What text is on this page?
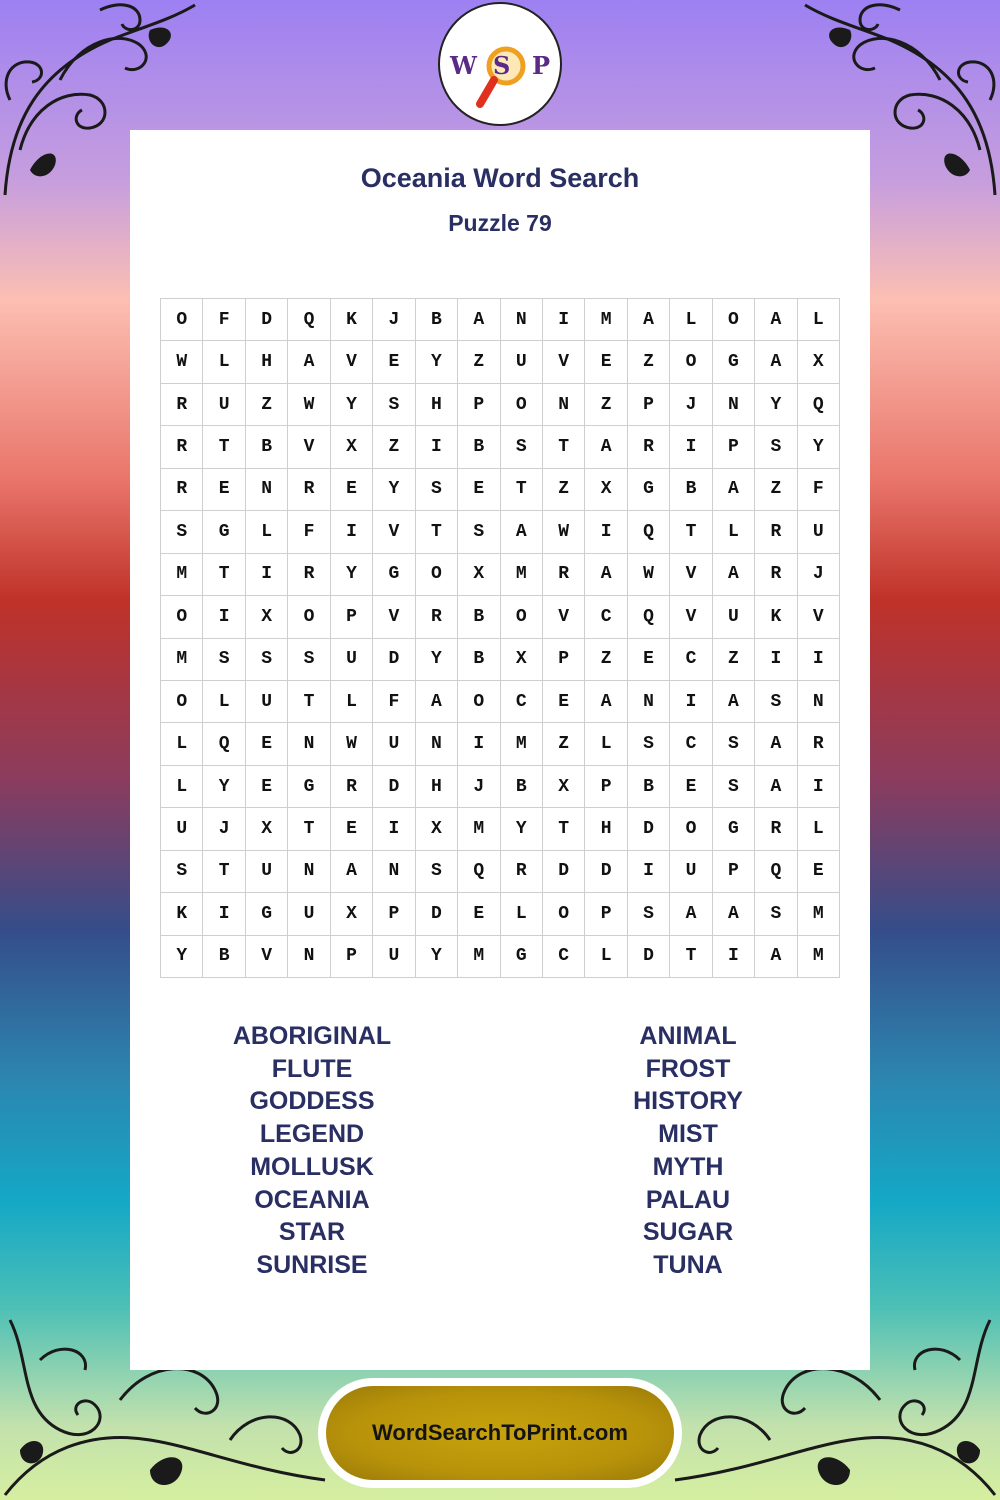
W S P
Oceania Word Search
Puzzle 79
O	F	D	Q	K	J	B	A	N	I	M	A	L	O	A	L
W	L	H	A	V	E	Y	Z	U	V	E	Z	O	G	A	X
R	U	Z	W	Y	S	H	P	O	N	Z	P	J	N	Y	Q
R	T	B	V	X	Z	I	B	S	T	A	R	I	P	S	Y
R	E	N	R	E	Y	S	E	T	Z	X	G	B	A	Z	F
S	G	L	F	I	V	T	S	A	W	I	Q	T	L	R	U
M	T	I	R	Y	G	O	X	M	R	A	W	V	A	R	J
O	I	X	O	P	V	R	B	O	V	C	Q	V	U	K	V
M	S	S	S	U	D	Y	B	X	P	Z	E	C	Z	I	I
O	L	U	T	L	F	A	O	C	E	A	N	I	A	S	N
L	Q	E	N	W	U	N	I	M	Z	L	S	C	S	A	R
L	Y	E	G	R	D	H	J	B	X	P	B	E	S	A	I
U	J	X	T	E	I	X	M	Y	T	H	D	O	G	R	L
S	T	U	N	A	N	S	Q	R	D	D	I	U	P	Q	E
K	I	G	U	X	P	D	E	L	O	P	S	A	A	S	M
Y	B	V	N	P	U	Y	M	G	C	L	D	T	I	A	M
ABORIGINAL
FLUTE
GODDESS
LEGEND
MOLLUSK
OCEANIA
STAR
SUNRISE
ANIMAL
FROST
HISTORY
MIST
MYTH
PALAU
SUGAR
TUNA
WordSearchToPrint.com
